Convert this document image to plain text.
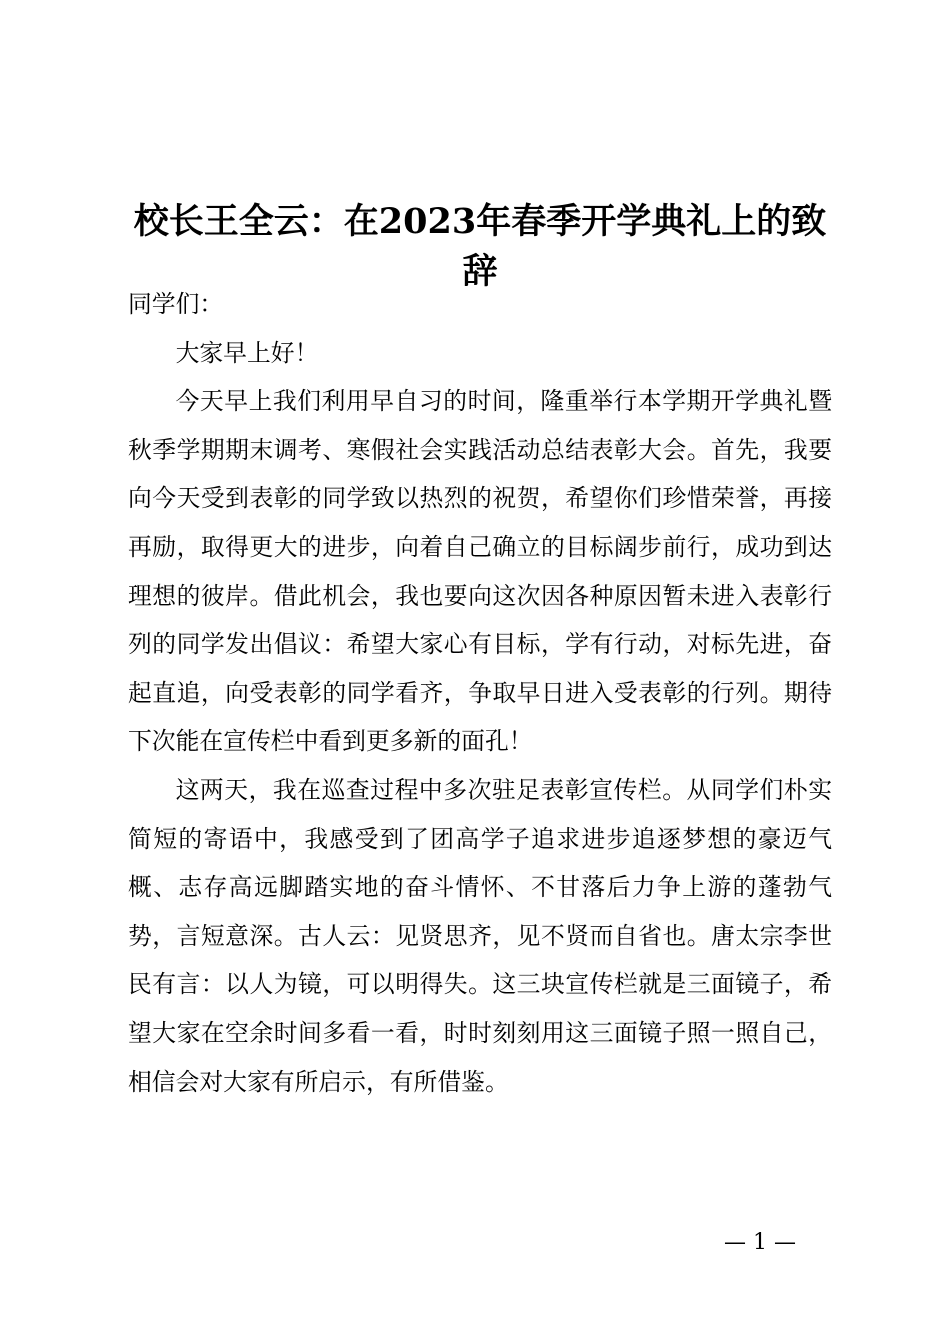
校长王全云：在2023年春季开学典礼上的致辞

同学们：

大家早上好！

今天早上我们利用早自习的时间，隆重举行本学期开学典礼暨秋季学期期末调考、寒假社会实践活动总结表彰大会。首先，我要向今天受到表彰的同学致以热烈的祝贺，希望你们珍惜荣誉，再接再励，取得更大的进步，向着自己确立的目标阔步前行，成功到达理想的彼岸。借此机会，我也要向这次因各种原因暂未进入表彰行列的同学发出倡议：希望大家心有目标，学有行动，对标先进，奋起直追，向受表彰的同学看齐，争取早日进入受表彰的行列。期待下次能在宣传栏中看到更多新的面孔！

这两天，我在巡查过程中多次驻足表彰宣传栏。从同学们朴实简短的寄语中，我感受到了团高学子追求进步追逐梦想的豪迈气概、志存高远脚踏实地的奋斗情怀、不甘落后力争上游的蓬勃气势，言短意深。古人云：见贤思齐，见不贤而自省也。唐太宗李世民有言：以人为镜，可以明得失。这三块宣传栏就是三面镜子，希望大家在空余时间多看一看，时时刻刻用这三面镜子照一照自己，相信会对大家有所启示，有所借鉴。

— 1 —
